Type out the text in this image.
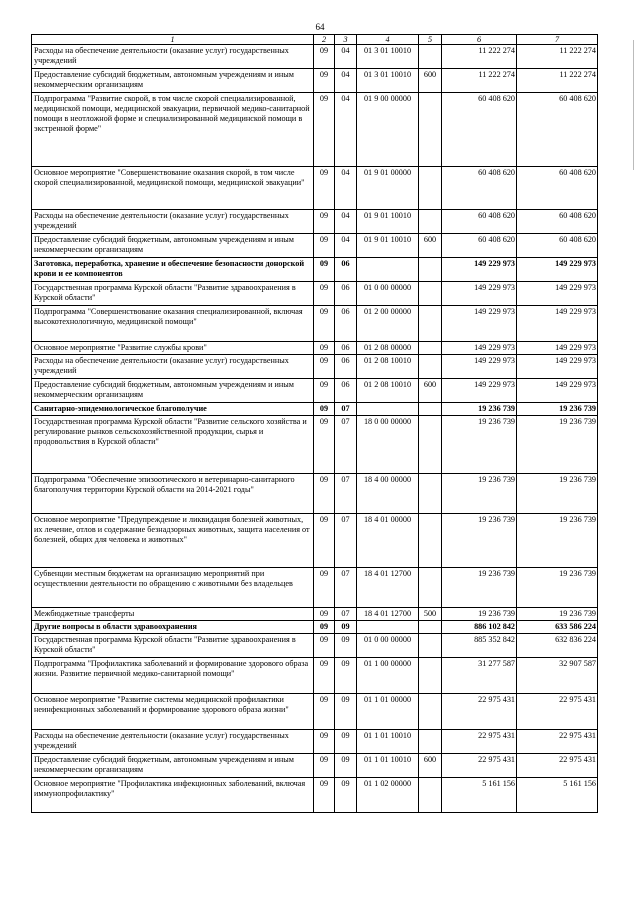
64
1	2	3	4	5	6	7
Расходы на обеспечение деятельности (оказание услуг) государственных учреждений	09	04	01 3 01 10010		11 222 274	11 222 274
Предоставление субсидий бюджетным, автономным учреждениям и иным некоммерческим организациям	09	04	01 3 01 10010	600	11 222 274	11 222 274
Подпрограмма "Развитие скорой, в том числе скорой специализированной, медицинской помощи, медицинской эвакуации, первичной медико-санитарной помощи в неотложной форме и специализированной медицинской помощи в экстренной форме"	09	04	01 9 00 00000		60 408 620	60 408 620
Основное мероприятие "Совершенствование оказания скорой, в том числе скорой специализированной, медицинской помощи, медицинской эвакуации"	09	04	01 9 01 00000		60 408 620	60 408 620
Расходы на обеспечение деятельности (оказание услуг) государственных учреждений	09	04	01 9 01 10010		60 408 620	60 408 620
Предоставление субсидий бюджетным, автономным учреждениям и иным некоммерческим организациям	09	04	01 9 01 10010	600	60 408 620	60 408 620
Заготовка, переработка, хранение и обеспечение безопасности донорской крови и ее компонентов	09	06			149 229 973	149 229 973
Государственная программа Курской области "Развитие здравоохранения в Курской области"	09	06	01 0 00 00000		149 229 973	149 229 973
Подпрограмма "Совершенствование оказания специализированной, включая высокотехнологичную, медицинской помощи"	09	06	01 2 00 00000		149 229 973	149 229 973
Основное мероприятие "Развитие службы крови"	09	06	01 2 08 00000		149 229 973	149 229 973
Расходы на обеспечение деятельности (оказание услуг) государственных учреждений	09	06	01 2 08 10010		149 229 973	149 229 973
Предоставление субсидий бюджетным, автономным учреждениям и иным некоммерческим организациям	09	06	01 2 08 10010	600	149 229 973	149 229 973
Санитарно-эпидемиологическое благополучие	09	07			19 236 739	19 236 739
Государственная программа Курской области "Развитие сельского хозяйства и регулирование рынков сельскохозяйственной продукции, сырья и продовольствия в Курской области"	09	07	18 0 00 00000		19 236 739	19 236 739
Подпрограмма "Обеспечение эпизоотического и ветеринарно-санитарного благополучия территории Курской области на 2014-2021 годы"	09	07	18 4 00 00000		19 236 739	19 236 739
Основное мероприятие "Предупреждение и ликвидация болезней животных, их лечение, отлов и содержание безнадзорных животных, защита населения от болезней, общих для человека и животных"	09	07	18 4 01 00000		19 236 739	19 236 739
Субвенции местным бюджетам на организацию мероприятий при осуществлении деятельности по обращению с животными без владельцев	09	07	18 4 01 12700		19 236 739	19 236 739
Межбюджетные трансферты	09	07	18 4 01 12700	500	19 236 739	19 236 739
Другие вопросы в области здравоохранения	09	09			886 102 842	633 586 224
Государственная программа Курской области "Развитие здравоохранения в Курской области"	09	09	01 0 00 00000		885 352 842	632 836 224
Подпрограмма "Профилактика заболеваний и формирование здорового образа жизни. Развитие первичной медико-санитарной помощи"	09	09	01 1 00 00000		31 277 587	32 907 587
Основное мероприятие "Развитие системы медицинской профилактики неинфекционных заболеваний и формирование здорового образа жизни"	09	09	01 1 01 00000		22 975 431	22 975 431
Расходы на обеспечение деятельности (оказание услуг) государственных учреждений	09	09	01 1 01 10010		22 975 431	22 975 431
Предоставление субсидий бюджетным, автономным учреждениям и иным некоммерческим организациям	09	09	01 1 01 10010	600	22 975 431	22 975 431
Основное мероприятие "Профилактика инфекционных заболеваний, включая иммунопрофилактику"	09	09	01 1 02 00000		5 161 156	5 161 156
